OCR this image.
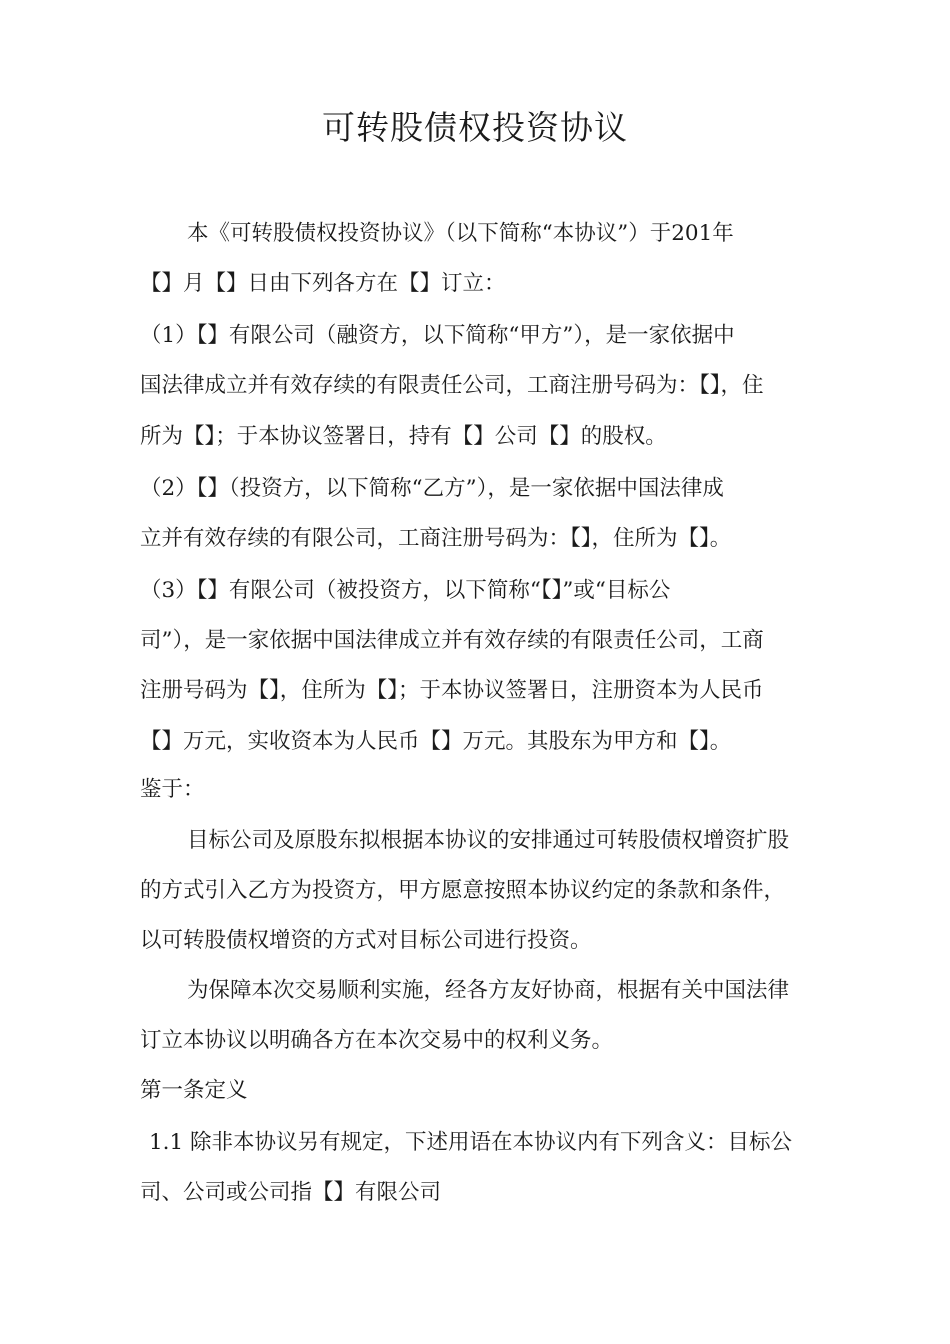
可转股债权投资协议
本《可转股债权投资协议》（以下简称“本协议”）于201年
【】月【】日由下列各方在【】订立：
（1）【】有限公司（融资方，以下简称“甲方”），是一家依据中
国法律成立并有效存续的有限责任公司，工商注册号码为：【】，住
所为【】；于本协议签署日，持有【】公司【】的股权。
（2）【】（投资方，以下简称“乙方”），是一家依据中国法律成
立并有效存续的有限公司，工商注册号码为：【】，住所为【】。
（3）【】有限公司（被投资方，以下简称“【】”或“目标公
司”），是一家依据中国法律成立并有效存续的有限责任公司，工商
注册号码为【】，住所为【】；于本协议签署日，注册资本为人民币
【】万元，实收资本为人民币【】万元。其股东为甲方和【】。
鉴于：
目标公司及原股东拟根据本协议的安排通过可转股债权增资扩股
的方式引入乙方为投资方，甲方愿意按照本协议约定的条款和条件，
以可转股债权增资的方式对目标公司进行投资。
为保障本次交易顺利实施，经各方友好协商，根据有关中国法律
订立本协议以明确各方在本次交易中的权利义务。
第一条定义
1.1 除非本协议另有规定，下述用语在本协议内有下列含义：目标公
司、公司或公司指【】有限公司
